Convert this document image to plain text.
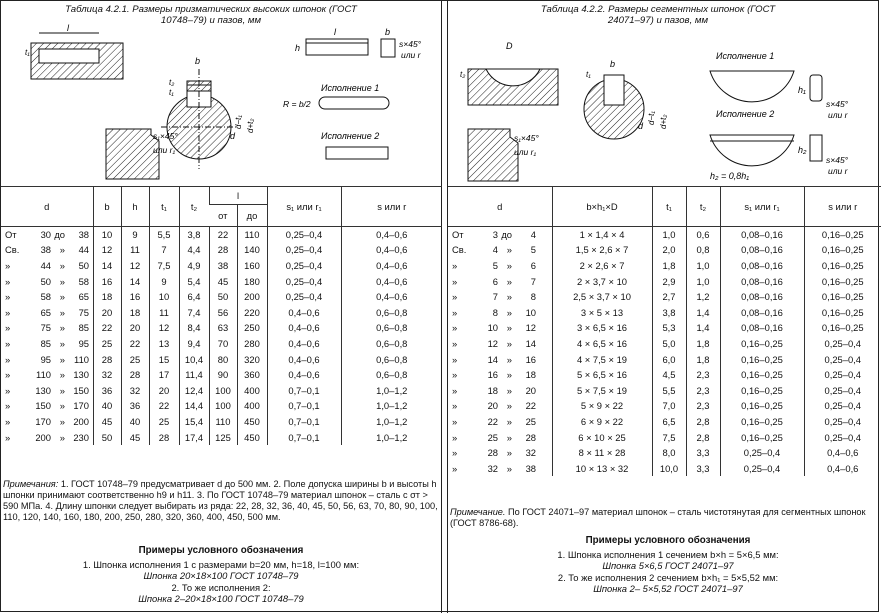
Таблица 4.2.1. Размеры призматических высоких шпонок (ГОСТ 10748–79) и пазов, мм
l
t₁
b
t₂
t₁
d
d−t₁ d+t₂
s₁×45°
или r₁
l
h
b
s×45°
или r
Исполнение 1
R = b/2
Исполнение 2
d	b	h	t₁	t₂	l		s₁ или r₁	s или r
					от	до		
От 30 до 38	10	9	5,5	3,8	22	110	0,25–0,4	0,4–0,6
Св. 38 » 44	12	11	7	4,4	28	140	0,25–0,4	0,4–0,6
» 44 » 50	14	12	7,5	4,9	38	160	0,25–0,4	0,4–0,6
» 50 » 58	16	14	9	5,4	45	180	0,25–0,4	0,4–0,6
» 58 » 65	18	16	10	6,4	50	200	0,25–0,4	0,4–0,6
» 65 » 75	20	18	11	7,4	56	220	0,4–0,6	0,6–0,8
» 75 » 85	22	20	12	8,4	63	250	0,4–0,6	0,6–0,8
» 85 » 95	25	22	13	9,4	70	280	0,4–0,6	0,6–0,8
» 95 » 110	28	25	15	10,4	80	320	0,4–0,6	0,6–0,8
» 110 » 130	32	28	17	11,4	90	360	0,4–0,6	0,6–0,8
» 130 » 150	36	32	20	12,4	100	400	0,7–0,1	1,0–1,2
» 150 » 170	40	36	22	14,4	100	400	0,7–0,1	1,0–1,2
» 170 » 200	45	40	25	15,4	110	450	0,7–0,1	1,0–1,2
» 200 » 230	50	45	28	17,4	125	450	0,7–0,1	1,0–1,2
Примечания: 1. ГОСТ 10748–79 предусматривает d до 500 мм. 2. Поле допуска ширины b и высоты h шпонки принимают соответственно h9 и h11. 3. По ГОСТ 10748–79 материал шпонок – сталь с σт > 590 МПа. 4. Длину шпонки следует выбирать из ряда: 22, 28, 32, 36, 40, 45, 50, 56, 63, 70, 80, 90, 100, 110, 120, 140, 160, 180, 200, 250, 280, 320, 360, 400, 450, 500 мм.
Примеры условного обозначения
1. Шпонка исполнения 1 с размерами b=20 мм, h=18, l=100 мм:
Шпонка 20×18×100 ГОСТ 10748–79
2. То же исполнения 2:
Шпонка 2–20×18×100 ГОСТ 10748–79
Таблица 4.2.2. Размеры сегментных шпонок (ГОСТ 24071–97) и пазов, мм
D
t₂
b
t₁
d
d−t₁ d+t₂
s₁×45°
или r₁
Исполнение 1
h₁
s×45°
или r
Исполнение 2
h₂
s×45°
или r
h₂ = 0,8h₁
d	b×h₁×D	t₁	t₂	s₁ или r₁	s или r
От 3 до 4	1 × 1,4 × 4	1,0	0,6	0,08–0,16	0,16–0,25
Св. 4 » 5	1,5 × 2,6 × 7	2,0	0,8	0,08–0,16	0,16–0,25
» 5 » 6	2 × 2,6 × 7	1,8	1,0	0,08–0,16	0,16–0,25
» 6 » 7	2 × 3,7 × 10	2,9	1,0	0,08–0,16	0,16–0,25
» 7 » 8	2,5 × 3,7 × 10	2,7	1,2	0,08–0,16	0,16–0,25
» 8 » 10	3 × 5 × 13	3,8	1,4	0,08–0,16	0,16–0,25
» 10 » 12	3 × 6,5 × 16	5,3	1,4	0,08–0,16	0,16–0,25
» 12 » 14	4 × 6,5 × 16	5,0	1,8	0,16–0,25	0,25–0,4
» 14 » 16	4 × 7,5 × 19	6,0	1,8	0,16–0,25	0,25–0,4
» 16 » 18	5 × 6,5 × 16	4,5	2,3	0,16–0,25	0,25–0,4
» 18 » 20	5 × 7,5 × 19	5,5	2,3	0,16–0,25	0,25–0,4
» 20 » 22	5 × 9 × 22	7,0	2,3	0,16–0,25	0,25–0,4
» 22 » 25	6 × 9 × 22	6,5	2,8	0,16–0,25	0,25–0,4
» 25 » 28	6 × 10 × 25	7,5	2,8	0,16–0,25	0,25–0,4
» 28 » 32	8 × 11 × 28	8,0	3,3	0,25–0,4	0,4–0,6
» 32 » 38	10 × 13 × 32	10,0	3,3	0,25–0,4	0,4–0,6
Примечание. По ГОСТ 24071–97 материал шпонок – сталь чистотянутая для сегментных шпонок (ГОСТ 8786-68).
Примеры условного обозначения
1. Шпонка исполнения 1 сечением b×h = 5×6,5 мм:
Шпонка 5×6,5 ГОСТ 24071–97
2. То же исполнения 2 сечением b×h₁ = 5×5,52 мм:
Шпонка 2– 5×5,52 ГОСТ 24071–97
